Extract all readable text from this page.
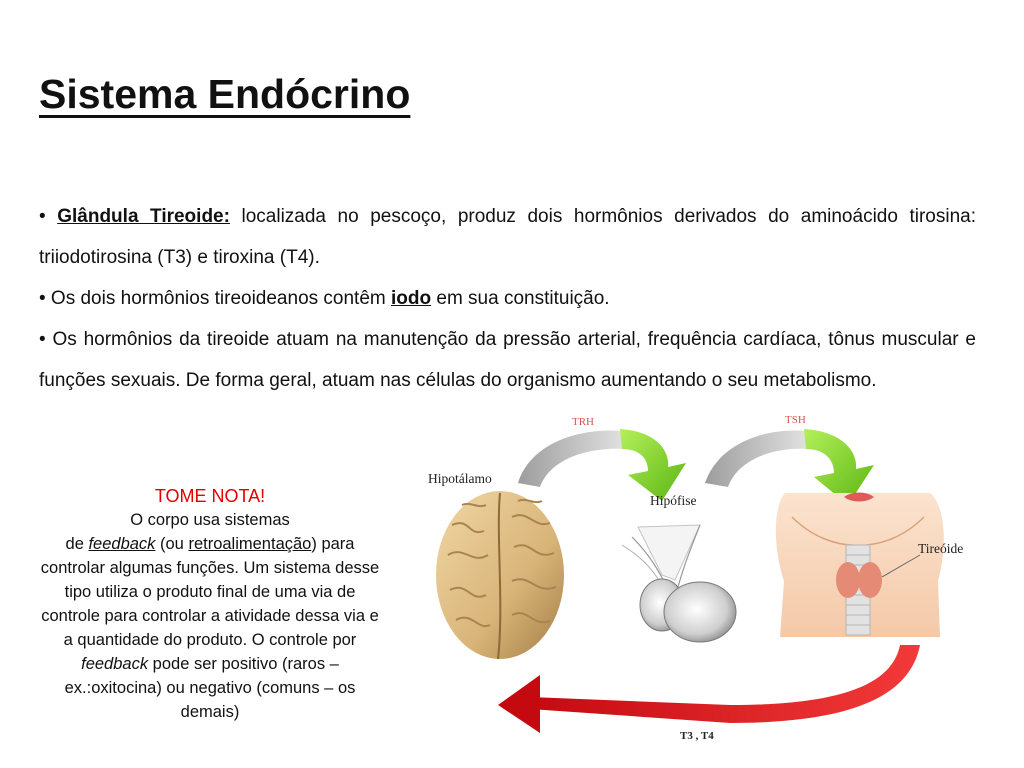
Sistema Endócrino

• Glândula Tireoide: localizada no pescoço, produz dois hormônios derivados do aminoácido tirosina: triiodotirosina (T3) e tiroxina (T4).

• Os dois hormônios tireoideanos contêm iodo em sua constituição.

• Os hormônios da tireoide atuam na manutenção da pressão arterial, frequência cardíaca, tônus muscular e funções sexuais. De forma geral, atuam nas células do organismo aumentando o seu metabolismo.

TOME NOTA!
O corpo usa sistemas
de feedback (ou retroalimentação) para controlar algumas funções. Um sistema desse tipo utiliza o produto final de uma via de controle para controlar a atividade dessa via e a quantidade do produto. O controle por feedback pode ser positivo (raros – ex.:oxitocina) ou negativo (comuns – os demais)
TRH	TSH
Hipotálamo
Hipófise
Tireóide
T3 , T4
